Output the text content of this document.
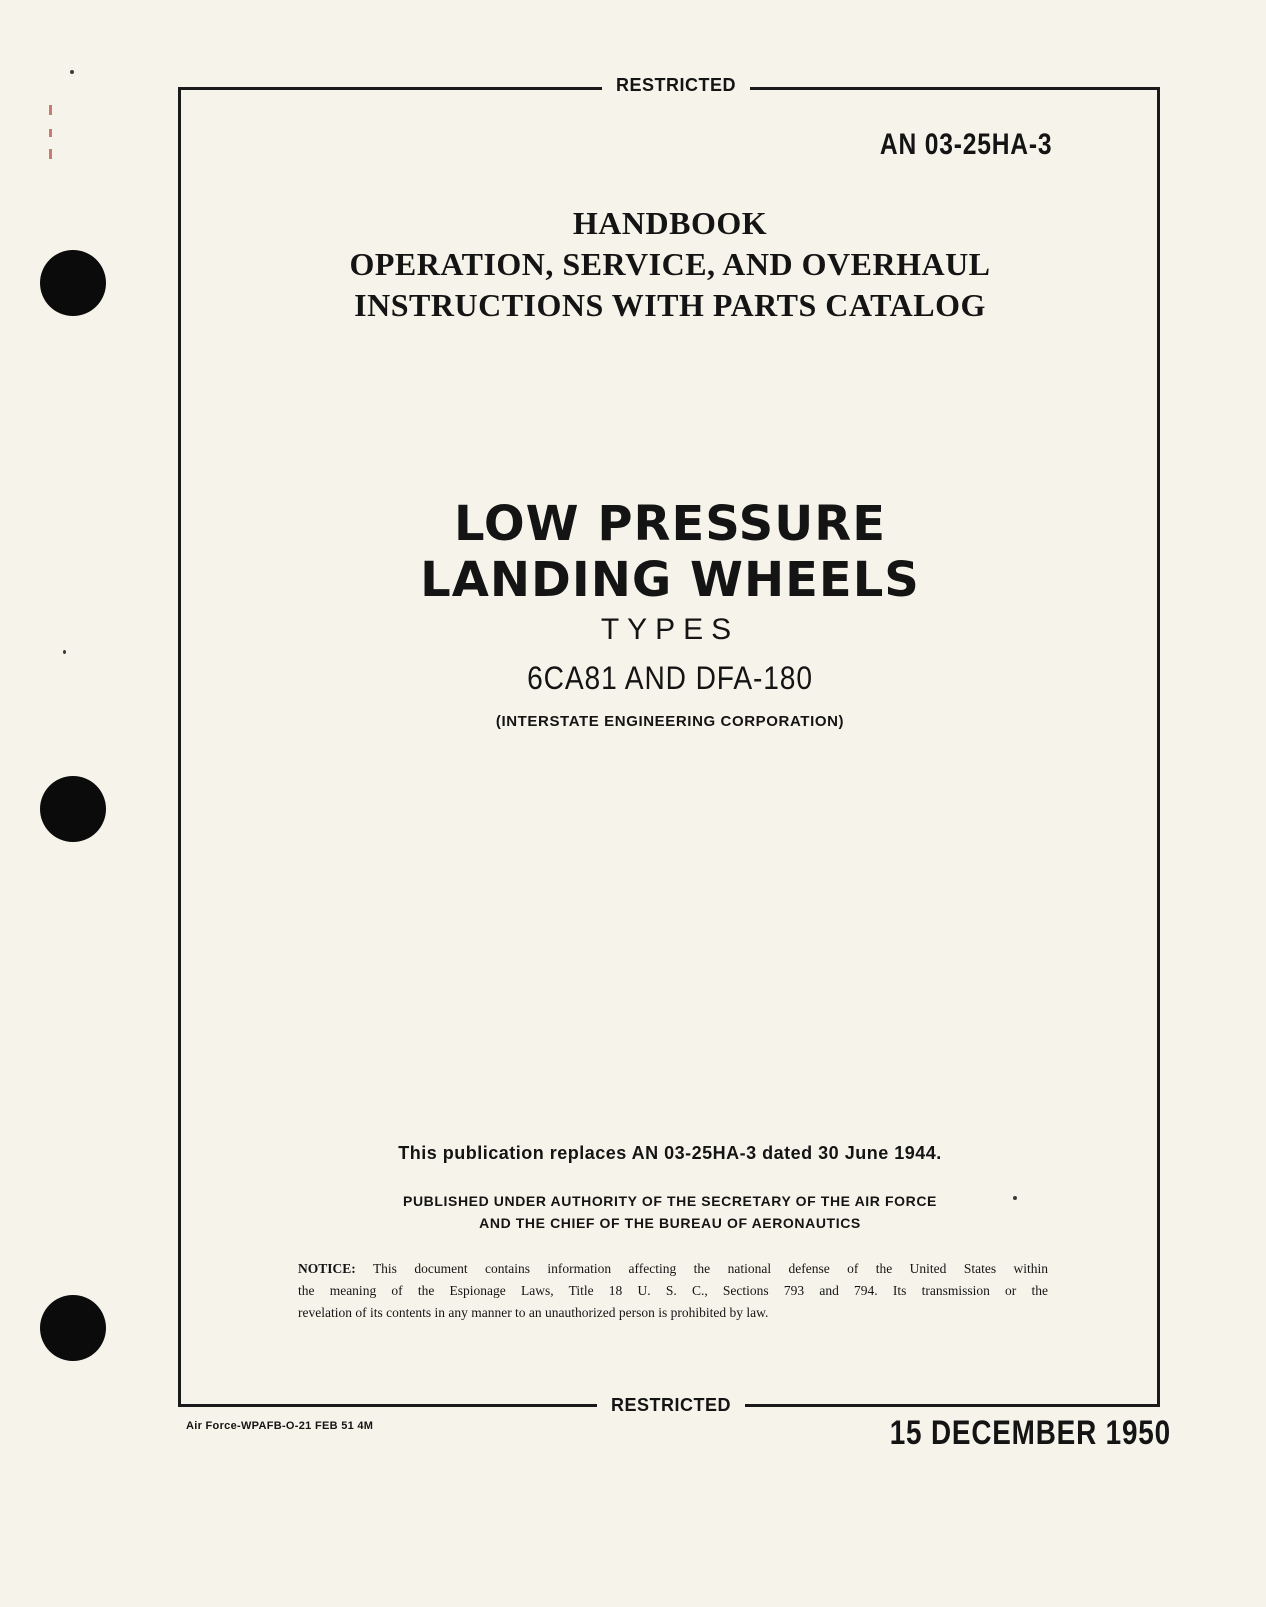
RESTRICTED
AN 03-25HA-3
HANDBOOK
OPERATION, SERVICE, AND OVERHAUL
INSTRUCTIONS WITH PARTS CATALOG
LOW PRESSURE
LANDING WHEELS
TYPES
6CA81 AND DFA-180
(INTERSTATE ENGINEERING CORPORATION)
This publication replaces AN 03-25HA-3 dated 30 June 1944.
PUBLISHED UNDER AUTHORITY OF THE SECRETARY OF THE AIR FORCE
AND THE CHIEF OF THE BUREAU OF AERONAUTICS
NOTICE: This document contains information affecting the national defense of the United States within
the meaning of the Espionage Laws, Title 18 U. S. C., Sections 793 and 794. Its transmission or the
revelation of its contents in any manner to an unauthorized person is prohibited by law.
RESTRICTED
Air Force-WPAFB-O-21 FEB 51 4M	15 DECEMBER 1950
